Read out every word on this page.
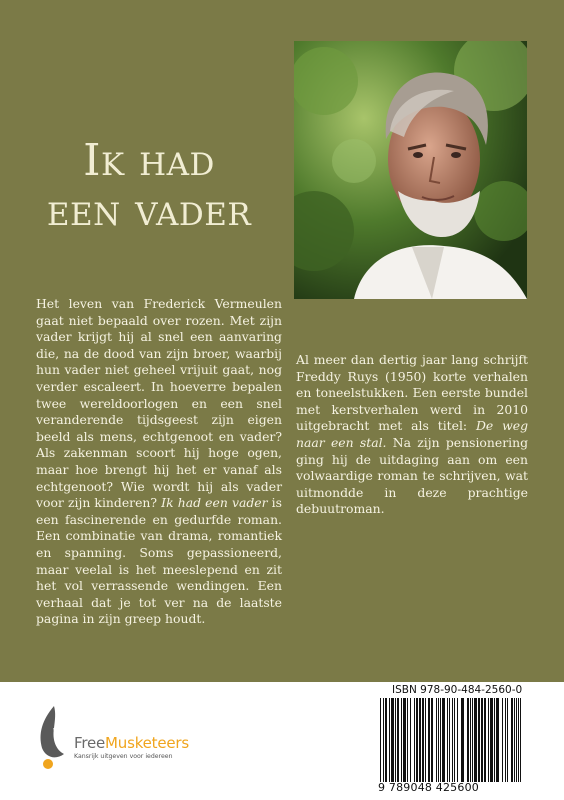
Ik had
een vader

Het leven van Frederick Vermeulen gaat niet bepaald over rozen. Met zijn vader krijgt hij al snel een aanvaring die, na de dood van zijn broer, waarbij hun vader niet geheel vrijuit gaat, nog verder escaleert. In hoeverre bepalen twee wereldoorlogen en een snel veranderende tijdsgeest zijn eigen beeld als mens, echtgenoot en vader? Als zakenman scoort hij hoge ogen, maar hoe brengt hij het er vanaf als echtgenoot? Wie wordt hij als vader voor zijn kinderen? Ik had een vader is een fascinerende en gedurfde roman. Een combinatie van drama, romantiek en spanning. Soms gepassioneerd, maar veelal is het meeslepend en zit het vol verrassende wendingen. Een verhaal dat je tot ver na de laatste pagina in zijn greep houdt.

Al meer dan dertig jaar lang schrijft Freddy Ruys (1950) korte verhalen en toneelstukken. Een eerste bundel met kerstverhalen werd in 2010 uitgebracht met als titel: De weg naar een stal. Na zijn pensionering ging hij de uitdaging aan om een volwaardige roman te schrijven, wat uitmondde in deze prachtige debuutroman.

FreeMusketeers
Kansrijk uitgeven voor iedereen
ISBN 978-90-484-2560-0
9 789048 425600
